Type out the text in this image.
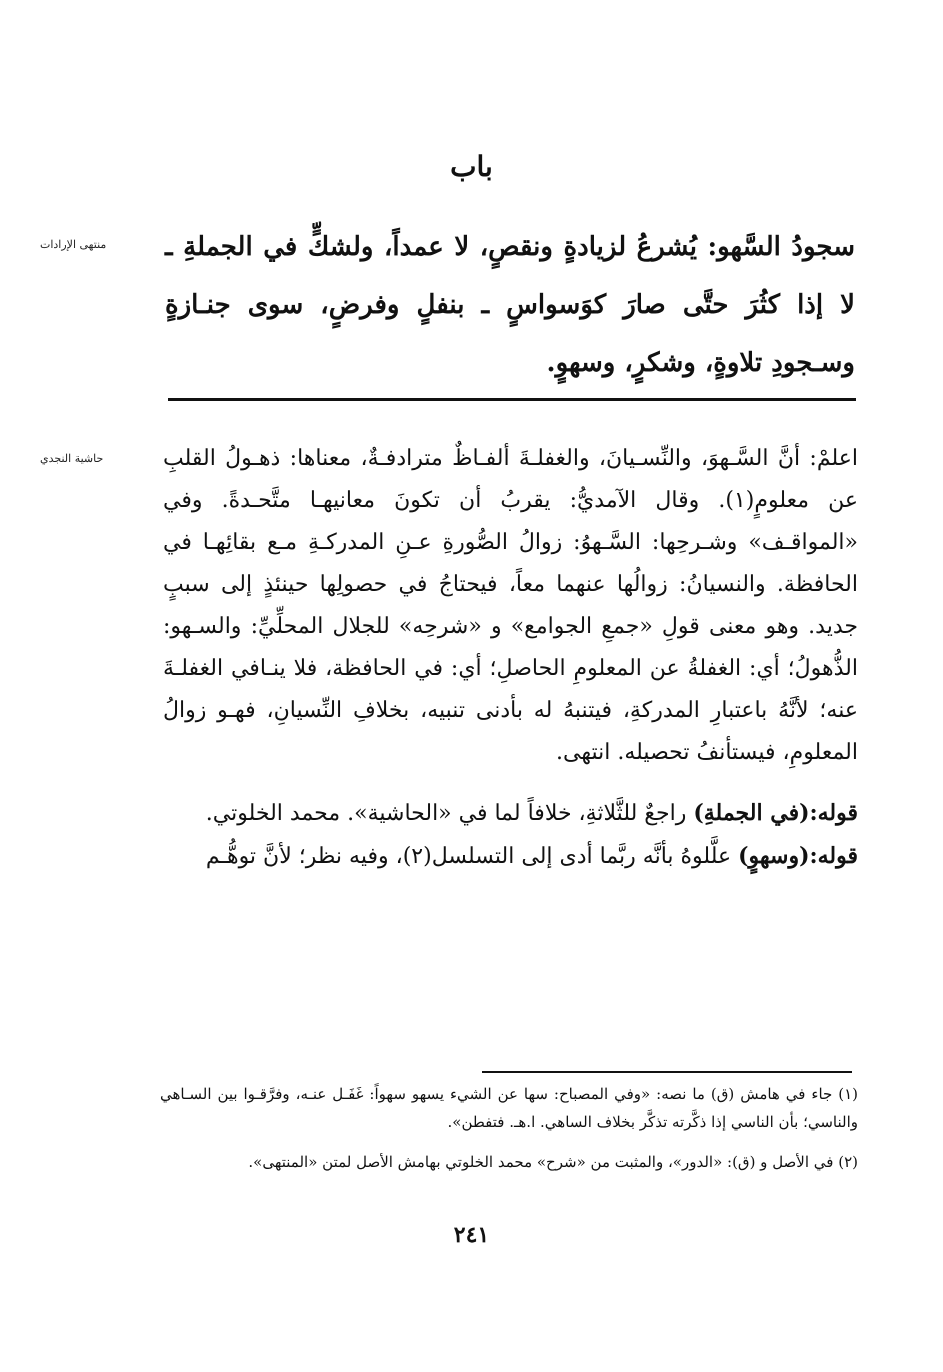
باب
منتهى الإرادات	سجودُ السَّهو: يُشرعُ لزيادةٍ ونقصٍ، لا عمداً، ولشكٍّ في الجملةِ ـ لا إذا كثُرَ حتَّى صارَ كوَسواسٍ ـ بنفلٍ وفرضٍ، سوى جنـازةٍ وسـجودِ تلاوةٍ، وشكرٍ، وسهوٍ.

حاشية النجدي	اعلمْ: أنَّ السَّـهوَ، والنِّسـيانَ، والغفلـةَ ألفـاظٌ مترادفـةٌ، معناها: ذهـولُ القلبِ عن معلومٍ(١). وقال الآمديُّ: يقربُ أن تكونَ معانيهـا متَّحـدةً. وفي «المواقـف» وشـرحِها: السَّـهوُ: زوالُ الصُّورةِ عـنِ المدركـةِ مـع بقائِهـا في الحافظة. والنسيانُ: زوالُها عنهما معاً، فيحتاجُ في حصولِها حينئذٍ إلى سببٍ جديد. وهو معنى قولِ «جمعِ الجوامع» و «شرحِه» للجلال المحلِّيِّ: والسـهو: الذُّهولُ؛ أي: الغفلةُ عن المعلومِ الحاصلِ؛ أي: في الحافظة، فلا ينـافي الغفلـةَ عنه؛ لأنَّهُ باعتبارِ المدركةِ، فيتنبهُ له بأدنى تنبيه، بخلافِ النِّسيانِ، فهـو زوالُ المعلومِ، فيستأنفُ تحصيله. انتهى.

قوله:(في الجملةِ) راجعٌ للثَّلاثةِ، خلافاً لما في «الحاشية». محمد الخلوتي.

قوله:(وسهوٍ) علَّلوهُ بأنَّه ربَّما أدى إلى التسلسل(٢)، وفيه نظر؛ لأنَّ توهُّـم

(١) جاء في هامش (ق) ما نصه: «وفي المصباح: سها عن الشيء يسهو سهواً: غَفَـل عنـه، وفرَّقـوا بين السـاهي والناسي؛ بأن الناسي إذا ذكَّرته تذكَّر بخلاف الساهي. ا.هـ. فتفطن».

(٢) في الأصل و (ق): «الدور»، والمثبت من «شرح» محمد الخلوتي بهامش الأصل لمتن «المنتهى».

٢٤١
